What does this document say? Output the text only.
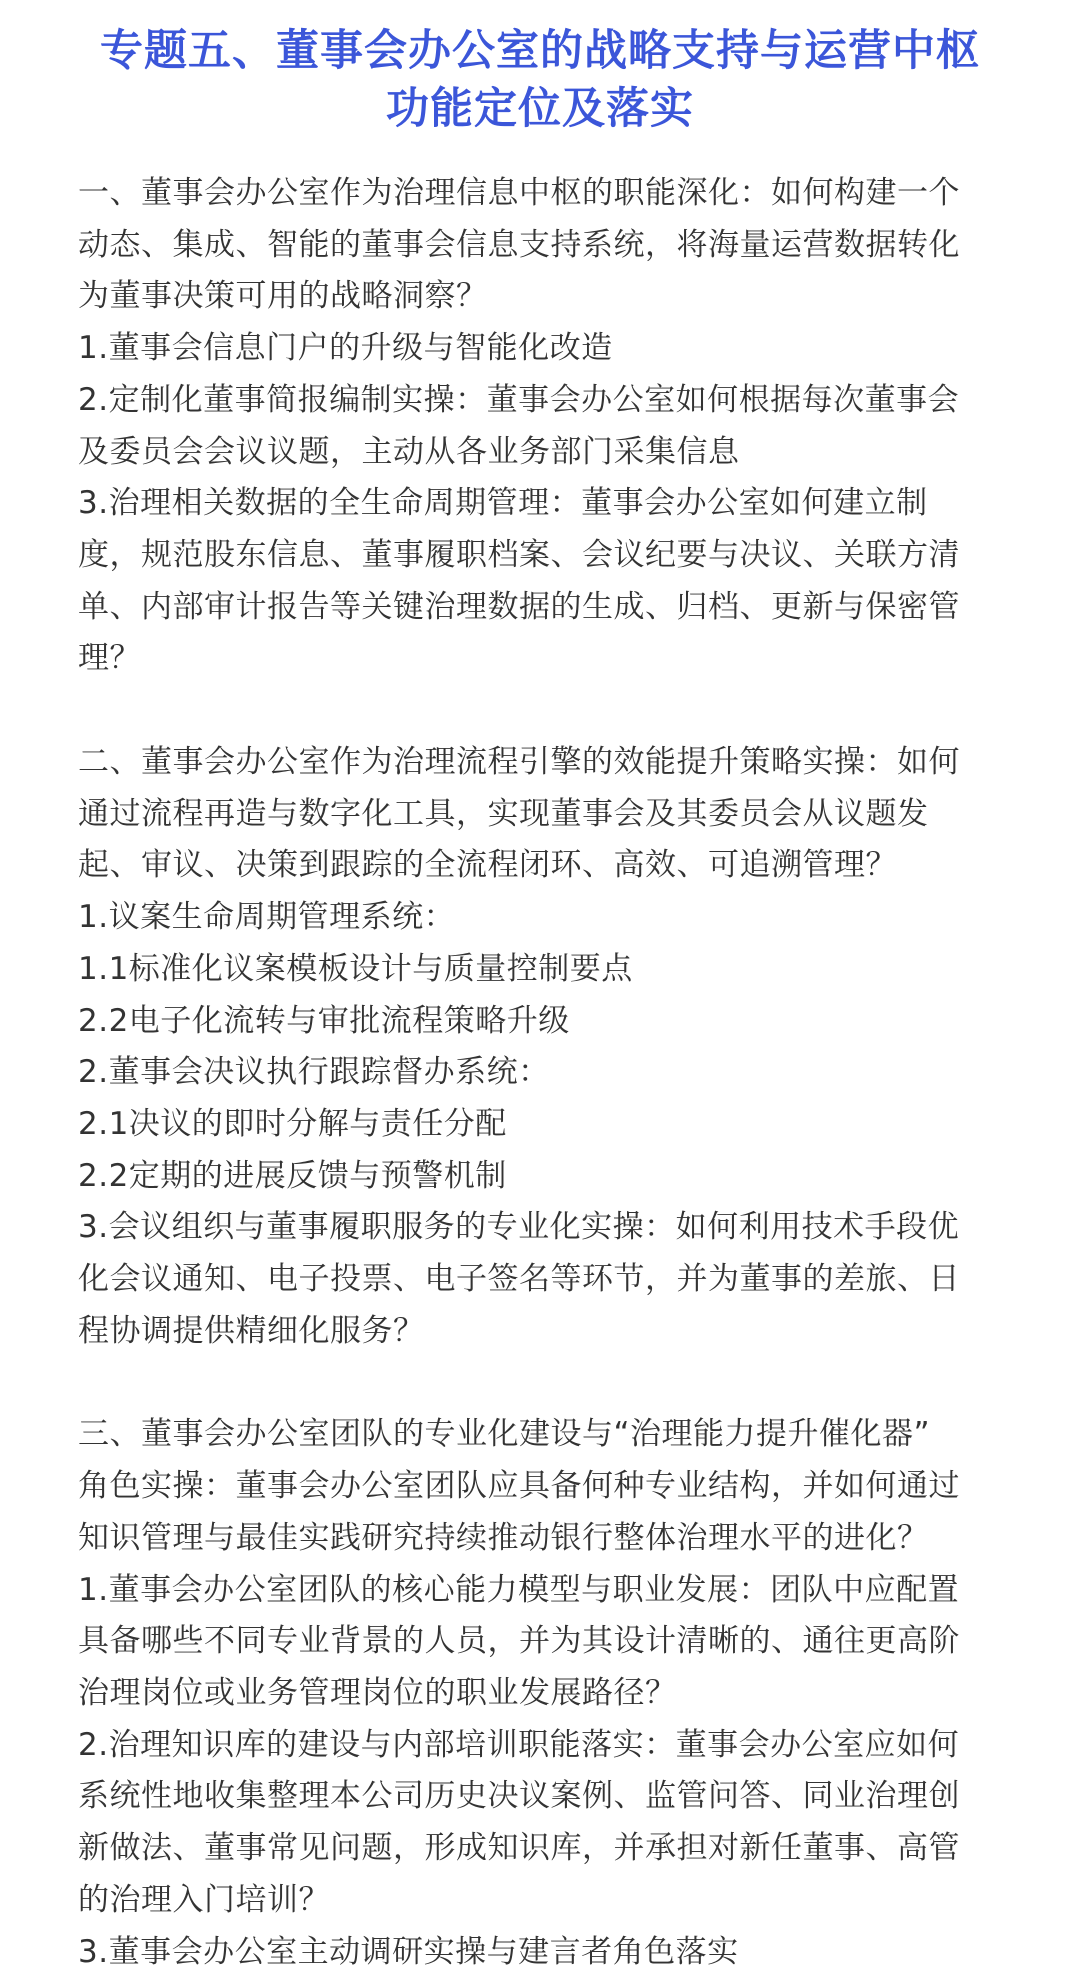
专题五、董事会办公室的战略支持与运营中枢
功能定位及落实
一、董事会办公室作为治理信息中枢的职能深化：如何构建一个
动态、集成、智能的董事会信息支持系统，将海量运营数据转化
为董事决策可用的战略洞察？
1.董事会信息门户的升级与智能化改造
2.定制化董事简报编制实操：董事会办公室如何根据每次董事会
及委员会会议议题，主动从各业务部门采集信息
3.治理相关数据的全生命周期管理：董事会办公室如何建立制
度，规范股东信息、董事履职档案、会议纪要与决议、关联方清
单、内部审计报告等关键治理数据的生成、归档、更新与保密管
理？
二、董事会办公室作为治理流程引擎的效能提升策略实操：如何
通过流程再造与数字化工具，实现董事会及其委员会从议题发
起、审议、决策到跟踪的全流程闭环、高效、可追溯管理？
1.议案生命周期管理系统：
1.1标准化议案模板设计与质量控制要点
2.2电子化流转与审批流程策略升级
2.董事会决议执行跟踪督办系统：
2.1决议的即时分解与责任分配
2.2定期的进展反馈与预警机制
3.会议组织与董事履职服务的专业化实操：如何利用技术手段优
化会议通知、电子投票、电子签名等环节，并为董事的差旅、日
程协调提供精细化服务？
三、董事会办公室团队的专业化建设与“治理能力提升催化器”
角色实操：董事会办公室团队应具备何种专业结构，并如何通过
知识管理与最佳实践研究持续推动银行整体治理水平的进化？
1.董事会办公室团队的核心能力模型与职业发展：团队中应配置
具备哪些不同专业背景的人员，并为其设计清晰的、通往更高阶
治理岗位或业务管理岗位的职业发展路径？
2.治理知识库的建设与内部培训职能落实：董事会办公室应如何
系统性地收集整理本公司历史决议案例、监管问答、同业治理创
新做法、董事常见问题，形成知识库，并承担对新任董事、高管
的治理入门培训？
3.董事会办公室主动调研实操与建言者角色落实
